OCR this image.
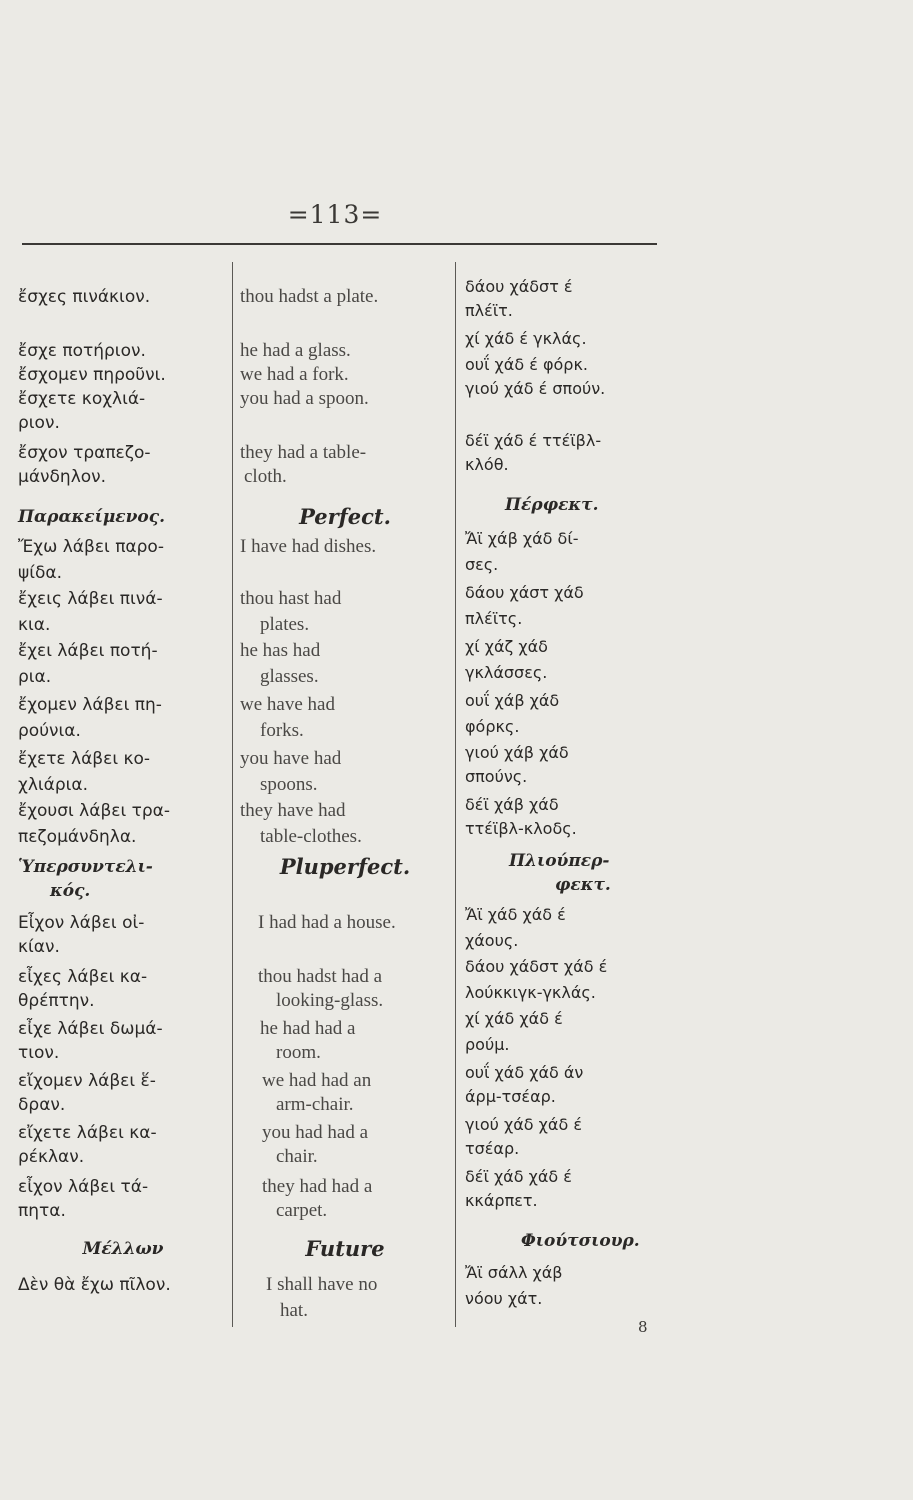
=113=
ἔσχες πινάκιον.
ἔσχε ποτήριον.
ἔσχομεν πηροῦνι.
ἔσχετε κοχλιά-
ριον.
ἔσχον τραπεζο-
μάνδηλον.
Παρακείμενος.
Ἔχω λάβει παρο-
ψίδα.
ἔχεις λάβει πινά-
κια.
ἔχει λάβει ποτή-
ρια.
ἔχομεν λάβει πη-
ρούνια.
ἔχετε λάβει κο-
χλιάρια.
ἔχουσι λάβει τρα-
πεζομάνδηλα.
Ὑπερσυντελι-
κός.
Εἶχον λάβει οἰ-
κίαν.
εἶχες λάβει κα-
θρέπτην.
εἶχε λάβει δωμά-
τιον.
εἴχομεν λάβει ἕ-
δραν.
εἴχετε λάβει κα-
ρέκλαν.
εἶχον λάβει τά-
πητα.
Μέλλων
Δὲν θὰ ἔχω πῖλον.
thou hadst a plate.
he had a glass.
we had a fork.
you had a spoon.
they had a table-
cloth.
Perfect.
I have had dishes.
thou hast had
plates.
he has had
glasses.
we have had
forks.
you have had
spoons.
they have had
table-clothes.
Pluperfect.
I had had a house.
thou hadst had a
looking-glass.
he had had a
room.
we had had an
arm-chair.
you had had a
chair.
they had had a
carpet.
Future
I shall have no
hat.
δάου χάδστ έ
πλέϊτ.
χί χάδ έ γκλάς.
ουΐ χάδ έ φόρκ.
γιού χάδ έ σπούν.
δέϊ χάδ έ ττέϊβλ-
κλόθ.
Πέρφεκτ.
Ἄϊ χάβ χάδ δί-
σες.
δάου χάστ χάδ
πλέϊτς.
χί χάζ χάδ
γκλάσσες.
ουΐ χάβ χάδ
φόρκς.
γιού χάβ χάδ
σπούνς.
δέϊ χάβ χάδ
ττέϊβλ-κλοδς.
Πλιούπερ-
φεκτ.
Ἄϊ χάδ χάδ έ
χάους.
δάου χάδστ χάδ έ
λούκκιγκ-γκλάς.
χί χάδ χάδ έ
ρούμ.
ουΐ χάδ χάδ άν
άρμ-τσέαρ.
γιού χάδ χάδ έ
τσέαρ.
δέϊ χάδ χάδ έ
κκάρπετ.
Φιούτσιουρ.
Ἄϊ σάλλ χάβ
νόου χάτ.
8
